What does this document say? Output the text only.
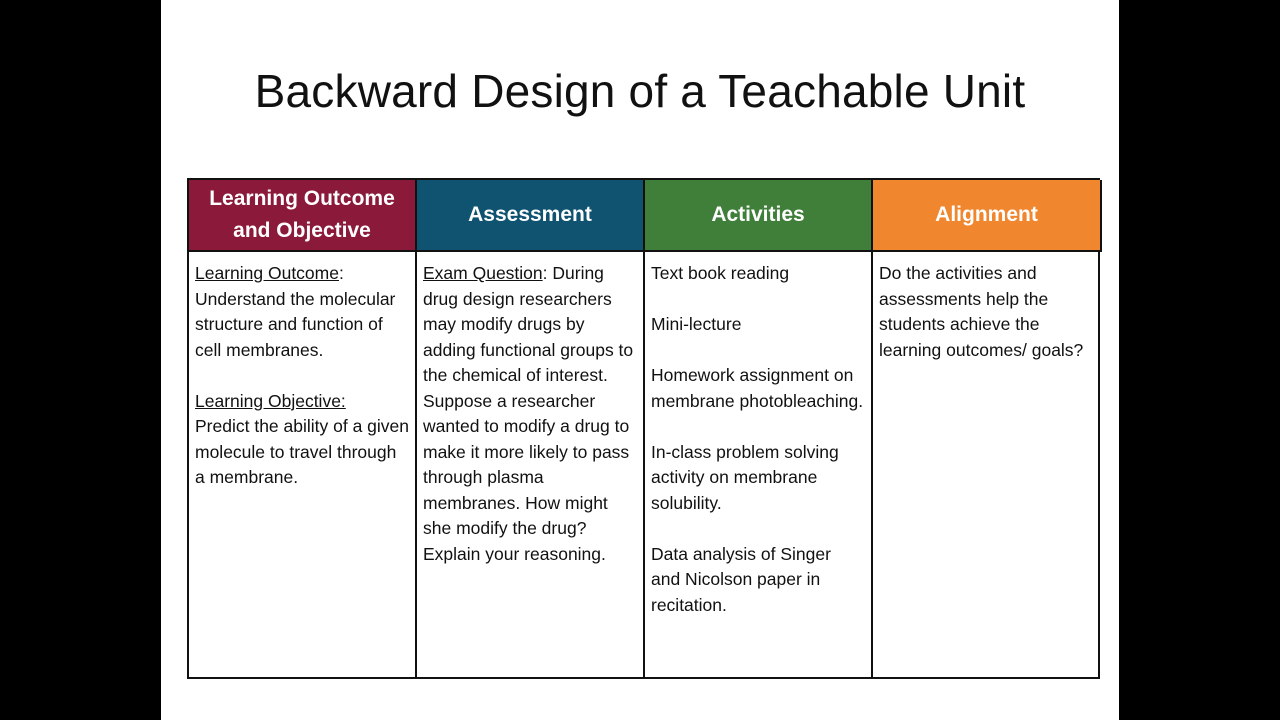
Backward Design of a Teachable Unit
Learning Outcome and Objective
Assessment	Activities	Alignment

Learning Outcome: Understand the molecular structure and function of cell membranes.

Learning Objective:
Predict the ability of a given molecule to travel through a membrane.

Exam Question: During drug design researchers may modify drugs by adding functional groups to the chemical of interest. Suppose a researcher wanted to modify a drug to make it more likely to pass through plasma membranes. How might she modify the drug? Explain your reasoning.

Text book reading

Mini-lecture

Homework assignment on membrane photobleaching.

In-class problem solving activity on membrane solubility.

Data analysis of Singer and Nicolson paper in recitation.

Do the activities and assessments help the students achieve the learning outcomes/ goals?
